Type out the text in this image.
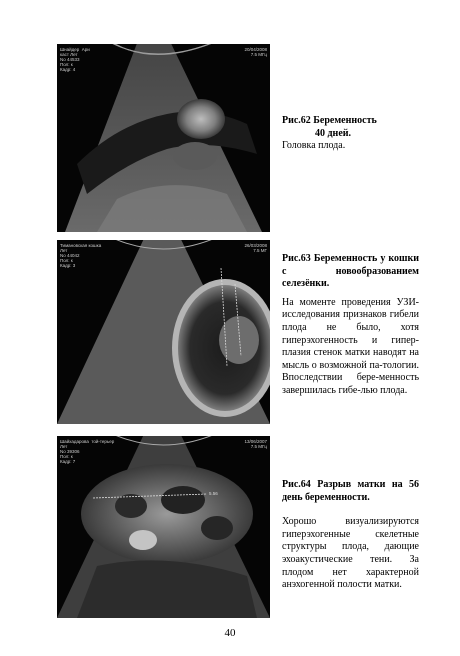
Шнайдер  Ари
каст Лет
No 44533
Пол: к
Кадр: 4
20/04/2008
7.5 МГц
Рис.62 Беременность
40 дней.
Головка плода.
Тимановская кошка
Лет
No 44042
Пол: к
Кадр: 3
26/03/2008
7.5 МГ
Рис.63 Беременность у кошки с новообразованием селезёнки.
На моменте проведения УЗИ-исследования признаков гибели плода не было, хотя гиперэхогенность и гипер-плазия стенок матки наводят на мысль о возможной па-тологии. Впоследствии бере-менность завершилась гибе-лью плода.
Шайхадарова  той-терьер
Лет
No 39306
Пол: к
Кадр: 7
13/06/2007
7.5 МГц
5.56
Рис.64 Разрыв матки на 56 день беременности.
Хорошо визуализируются гиперэхогенные скелетные структуры плода, дающие эхоакустические тени. За плодом нет характерной анэхогенной полости матки.
40
